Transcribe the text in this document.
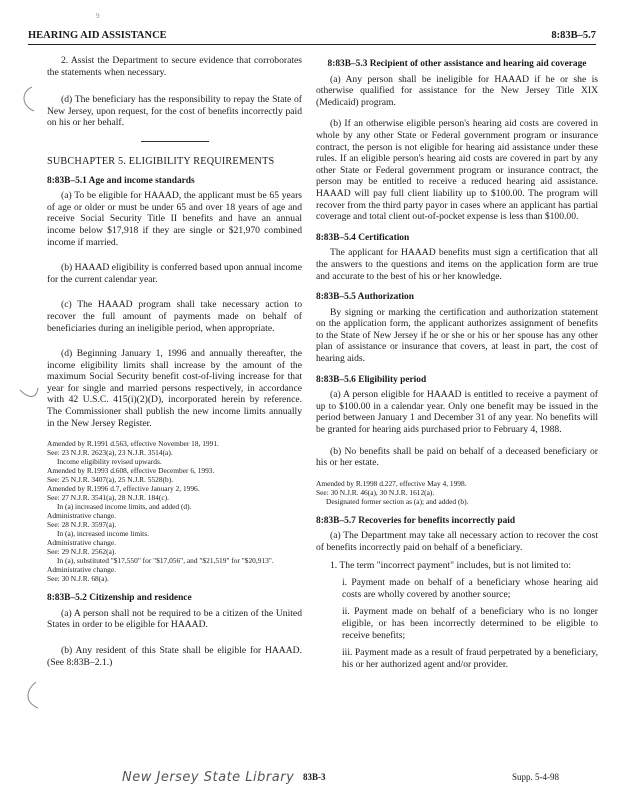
9
HEARING AID ASSISTANCE	8:83B–5.7

2. Assist the Department to secure evidence that corroborates the statements when necessary.

(d) The beneficiary has the responsibility to repay the State of New Jersey, upon request, for the cost of benefits incorrectly paid on his or her behalf.

SUBCHAPTER 5. ELIGIBILITY REQUIREMENTS
8:83B–5.1 Age and income standards

(a) To be eligible for HAAAD, the applicant must be 65 years of age or older or must be under 65 and over 18 years of age and receive Social Security Title II benefits and have an annual income below $17,918 if they are single or $21,970 combined income if married.

(b) HAAAD eligibility is conferred based upon annual income for the current calendar year.

(c) The HAAAD program shall take necessary action to recover the full amount of payments made on behalf of beneficiaries during an ineligible period, when appropriate.

(d) Beginning January 1, 1996 and annually thereafter, the income eligibility limits shall increase by the amount of the maximum Social Security benefit cost-of-living increase for that year for single and married persons respectively, in accordance with 42 U.S.C. 415(i)(2)(D), incorporated herein by reference. The Commissioner shall publish the new income limits annually in the New Jersey Register.

Amended by R.1991 d.563, effective November 18, 1991.
See: 23 N.J.R. 2623(a), 23 N.J.R. 3514(a).
Income eligibility revised upwards.
Amended by R.1993 d.608, effective December 6, 1993.
See: 25 N.J.R. 3407(a), 25 N.J.R. 5528(b).
Amended by R.1996 d.7, effective January 2, 1996.
See: 27 N.J.R. 3541(a), 28 N.J.R. 184(c).
In (a) increased income limits, and added (d).
Administrative change.
See: 28 N.J.R. 3597(a).
In (a), increased income limits.
Administrative change.
See: 29 N.J.R. 2562(a).
In (a), substituted "$17,550" for "$17,056", and "$21,519" for "$20,913".
Administrative change.
See: 30 N.J.R. 68(a).
8:83B–5.2 Citizenship and residence

(a) A person shall not be required to be a citizen of the United States in order to be eligible for HAAAD.

(b) Any resident of this State shall be eligible for HAAAD. (See 8:83B–2.1.)

8:83B–5.3 Recipient of other assistance and hearing aid coverage

(a) Any person shall be ineligible for HAAAD if he or she is otherwise qualified for assistance for the New Jersey Title XIX (Medicaid) program.

(b) If an otherwise eligible person's hearing aid costs are covered in whole by any other State or Federal government program or insurance contract, the person is not eligible for hearing aid assistance under these rules. If an eligible person's hearing aid costs are covered in part by any other State or Federal government program or insurance contract, the person may be entitled to receive a reduced hearing aid assistance. HAAAD will pay full client liability up to $100.00. The program will recover from the third party payor in cases where an applicant has partial coverage and total client out-of-pocket expense is less than $100.00.

8:83B–5.4 Certification

The applicant for HAAAD benefits must sign a certification that all the answers to the questions and items on the application form are true and accurate to the best of his or her knowledge.

8:83B–5.5 Authorization

By signing or marking the certification and authorization statement on the application form, the applicant authorizes assignment of benefits to the State of New Jersey if he or she or his or her spouse has any other plan of assistance or insurance that covers, at least in part, the cost of hearing aids.

8:83B–5.6 Eligibility period

(a) A person eligible for HAAAD is entitled to receive a payment of up to $100.00 in a calendar year. Only one benefit may be issued in the period between January 1 and December 31 of any year. No benefits will be granted for hearing aids purchased prior to February 4, 1988.

(b) No benefits shall be paid on behalf of a deceased beneficiary or his or her estate.

Amended by R.1998 d.227, effective May 4, 1998.
See: 30 N.J.R. 46(a), 30 N.J.R. 1612(a).
Designated former section as (a); and added (b).
8:83B–5.7 Recoveries for benefits incorrectly paid

(a) The Department may take all necessary action to recover the cost of benefits incorrectly paid on behalf of a beneficiary.

1. The term "incorrect payment" includes, but is not limited to:

i. Payment made on behalf of a beneficiary whose hearing aid costs are wholly covered by another source;

ii. Payment made on behalf of a beneficiary who is no longer eligible, or has been incorrectly determined to be eligible to receive benefits;

iii. Payment made as a result of fraud perpetrated by a beneficiary, his or her authorized agent and/or provider.

New Jersey State Library 83B-3	Supp. 5-4-98
